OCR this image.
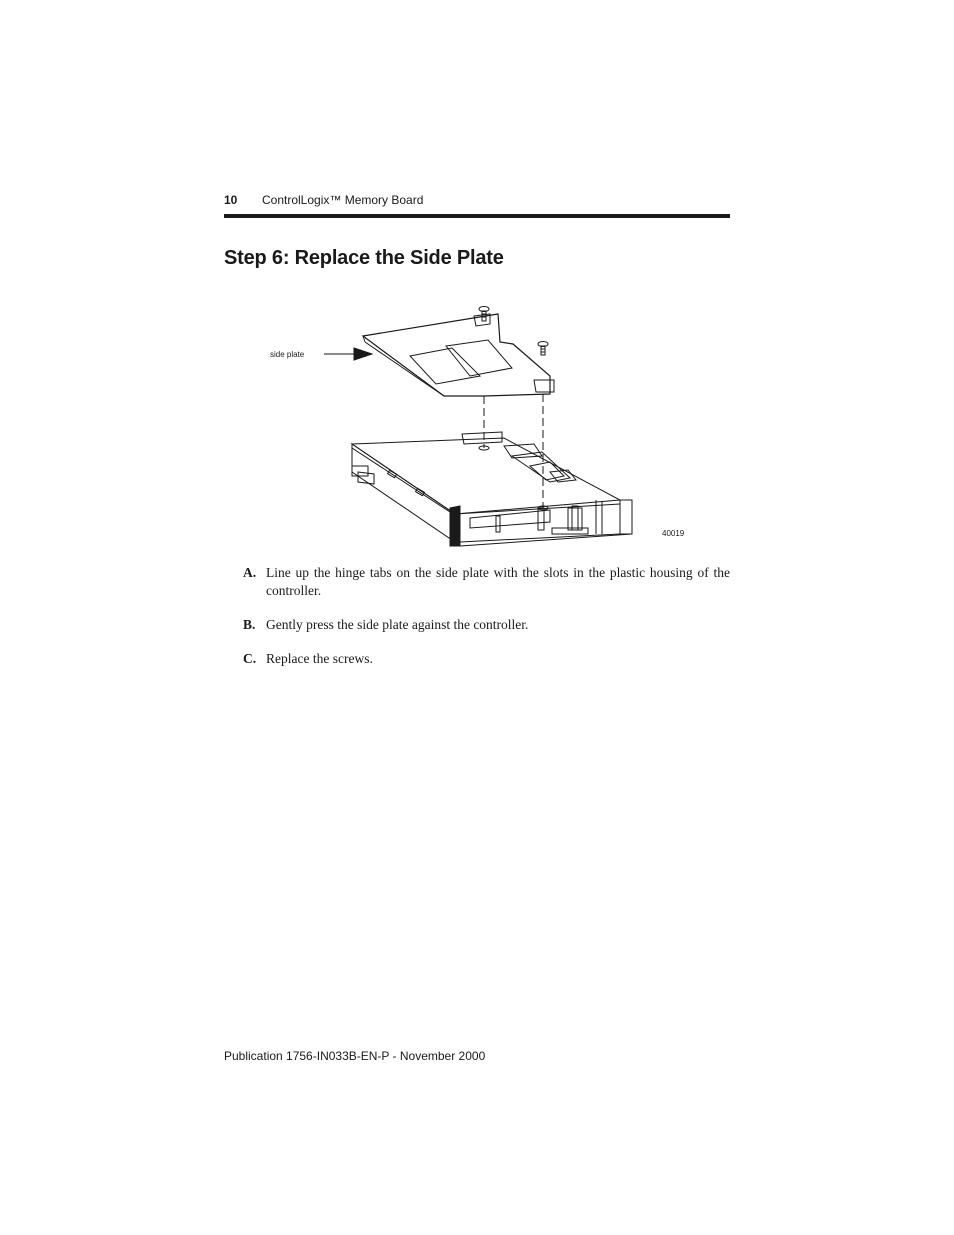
10 ControlLogix™ Memory Board
Step 6: Replace the Side Plate
side plate
40019
A. Line up the hinge tabs on the side plate with the slots in the plastic housing of the controller.
B. Gently press the side plate against the controller.
C. Replace the screws.
Publication 1756-IN033B-EN-P - November 2000
